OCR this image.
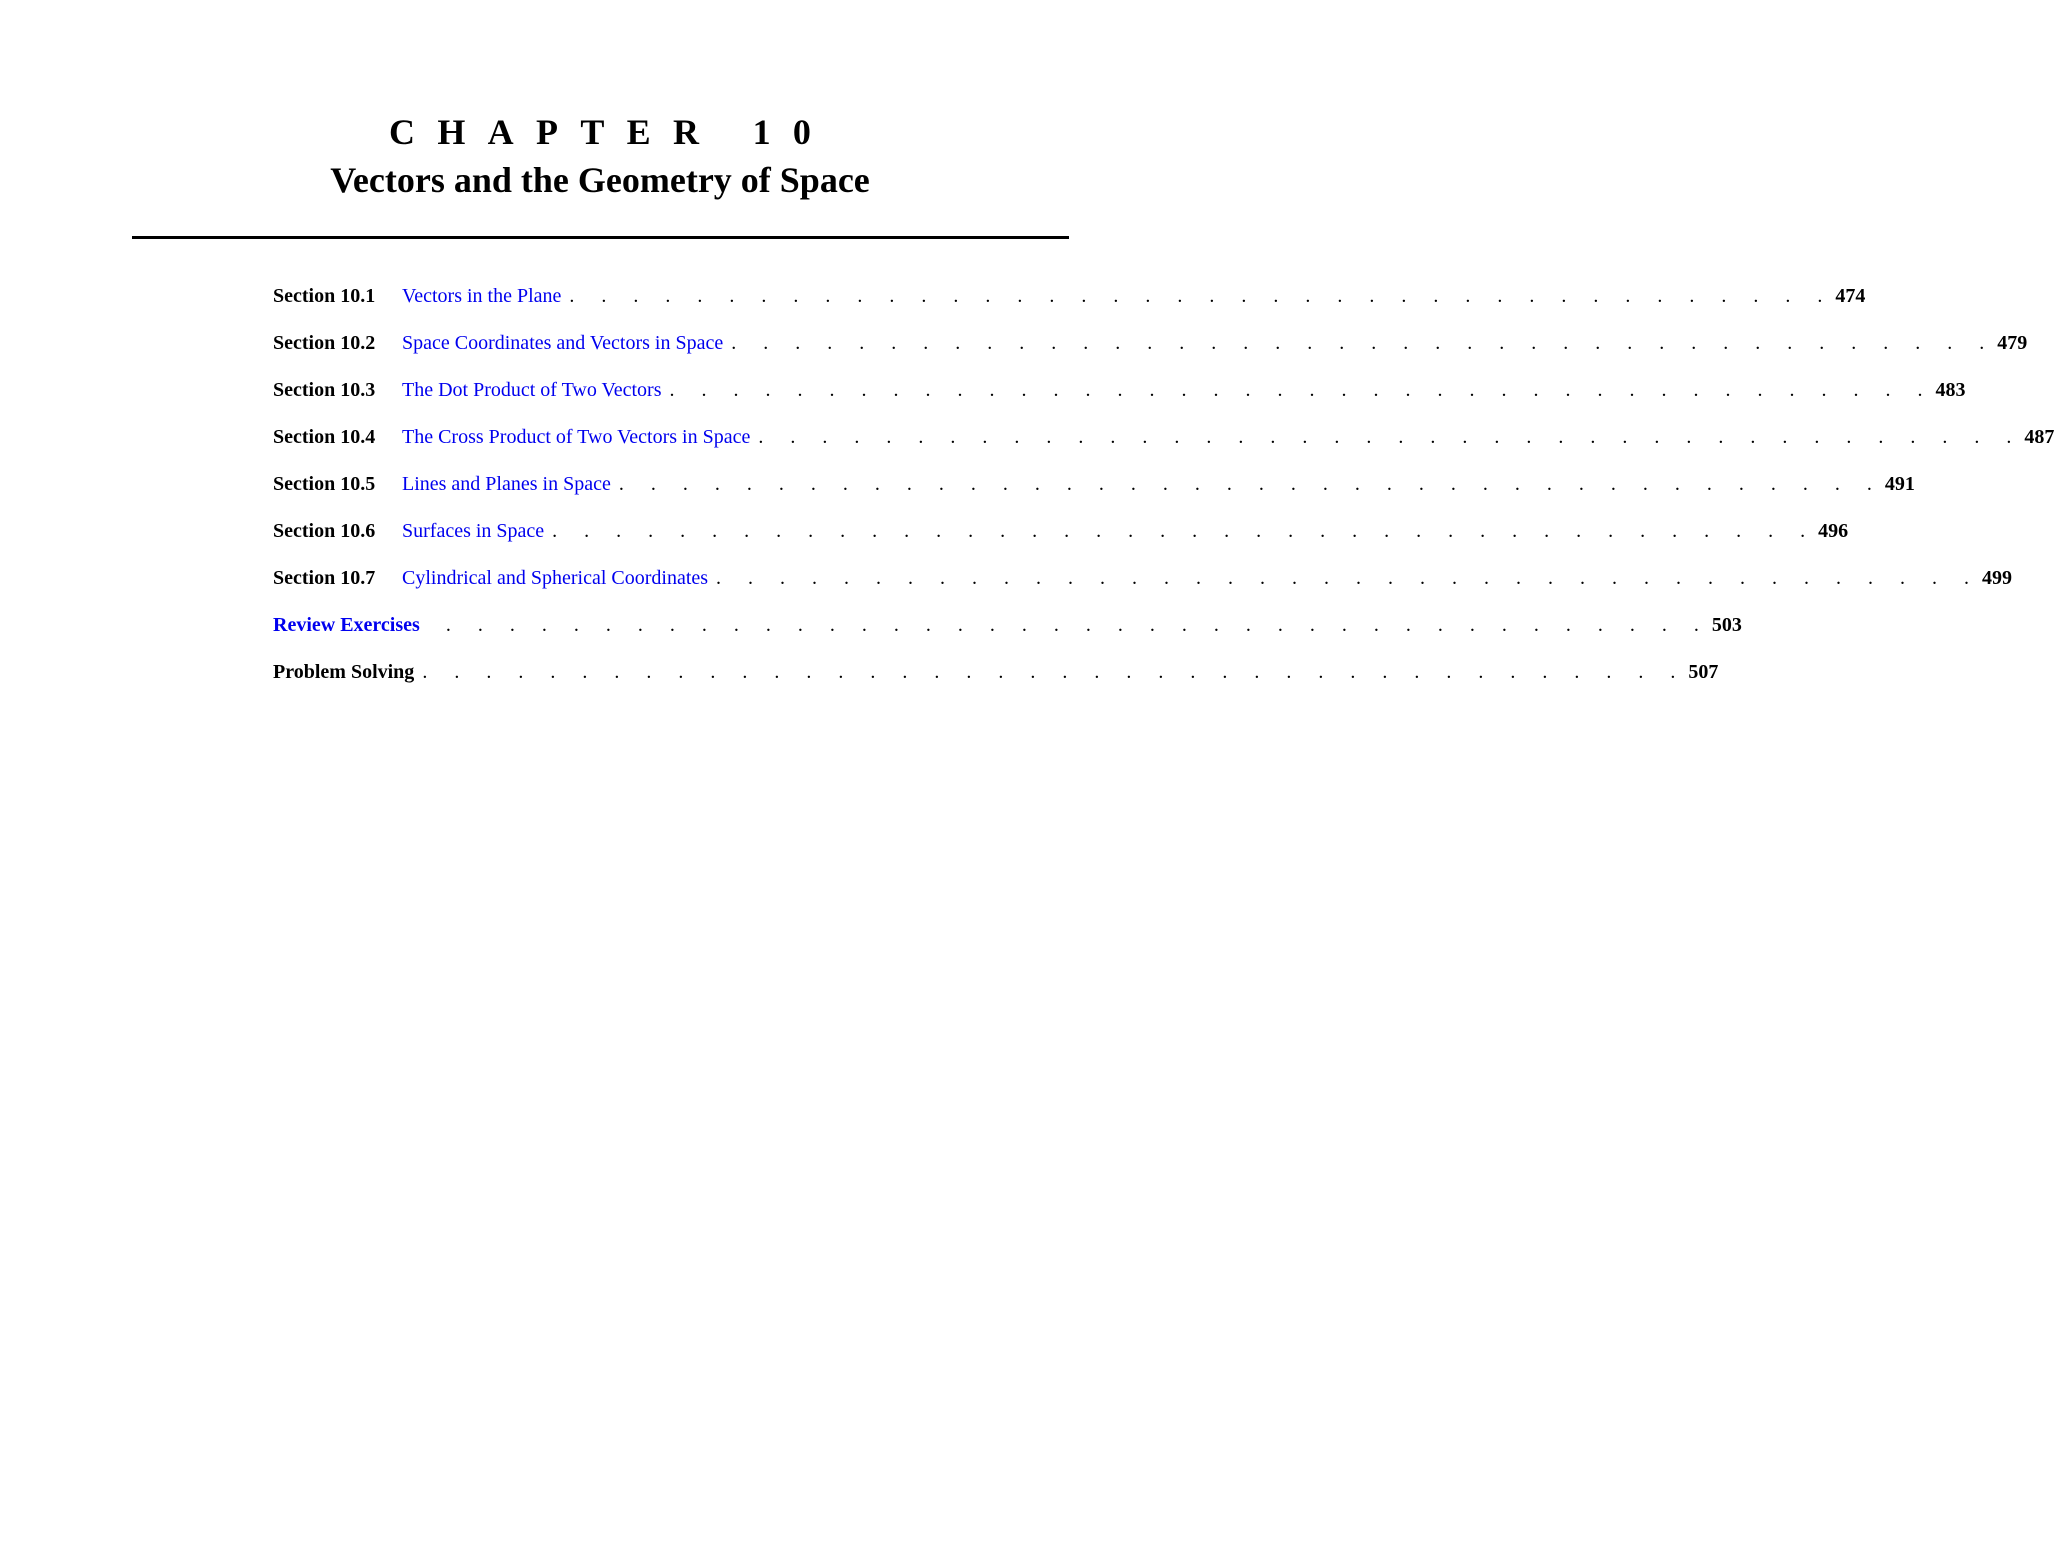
CHAPTER 10
Vectors and the Geometry of Space
Section 10.1	Vectors in the Plane . . . . . . . . . . . . . . . . . . . . . . . . . . . . . . . . . . . . . . . . 474
Section 10.2	Space Coordinates and Vectors in Space . . . . . . . . . . . . . . . . . . . . . . . . . . . . . . . . . . . . . . . . 479
Section 10.3	The Dot Product of Two Vectors . . . . . . . . . . . . . . . . . . . . . . . . . . . . . . . . . . . . . . . . 483
Section 10.4	The Cross Product of Two Vectors in Space . . . . . . . . . . . . . . . . . . . . . . . . . . . . . . . . . . . . . . . . 487
Section 10.5	Lines and Planes in Space . . . . . . . . . . . . . . . . . . . . . . . . . . . . . . . . . . . . . . . . 491
Section 10.6	Surfaces in Space . . . . . . . . . . . . . . . . . . . . . . . . . . . . . . . . . . . . . . . . 496
Section 10.7	Cylindrical and Spherical Coordinates . . . . . . . . . . . . . . . . . . . . . . . . . . . . . . . . . . . . . . . . 499
Review Exercises	. . . . . . . . . . . . . . . . . . . . . . . . . . . . . . . . . . . . . . . . 503
Problem Solving . . . . . . . . . . . . . . . . . . . . . . . . . . . . . . . . . . . . . . . . 507
